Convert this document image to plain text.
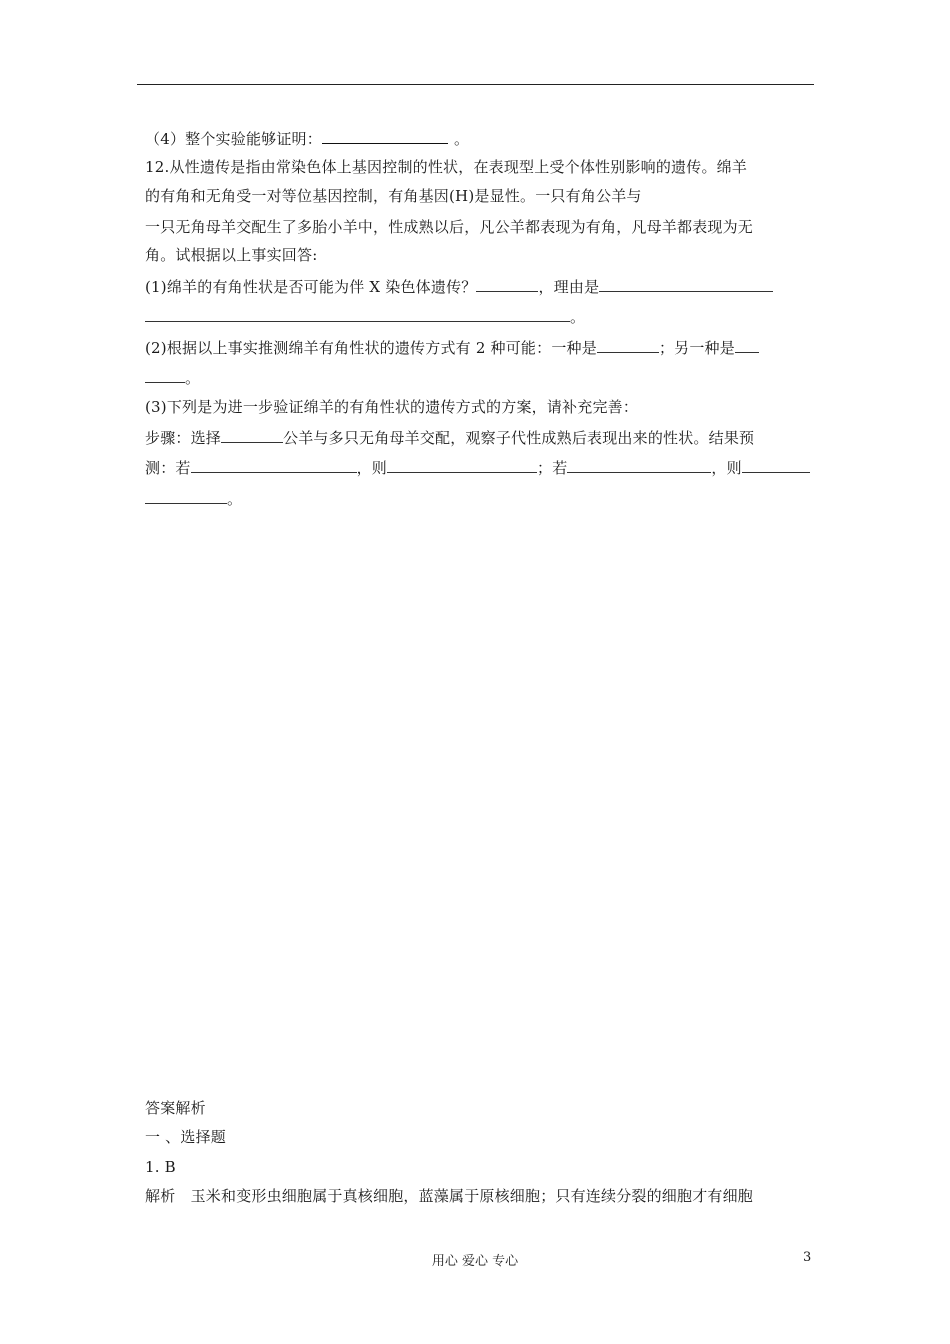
（4）整个实验能够证明：	。
12.从性遗传是指由常染色体上基因控制的性状，在表现型上受个体性别影响的遗传。绵羊
的有角和无角受一对等位基因控制，有角基因(H)是显性。一只有角公羊与
一只无角母羊交配生了多胎小羊中，性成熟以后，凡公羊都表现为有角，凡母羊都表现为无
角。试根据以上事实回答:
(1)绵羊的有角性状是否可能为伴 X 染色体遗传？	，理由是
。
(2)根据以上事实推测绵羊有角性状的遗传方式有 2 种可能：一种是	；另一种是
。
(3)下列是为进一步验证绵羊的有角性状的遗传方式的方案，请补充完善：
步骤：选择	公羊与多只无角母羊交配，观察子代性成熟后表现出来的性状。结果预
测：若	，则	；若	，则
。
答案解析
一 、选择题
1. B
解析　玉米和变形虫细胞属于真核细胞，蓝藻属于原核细胞；只有连续分裂的细胞才有细胞
用心 爱心 专心	3
